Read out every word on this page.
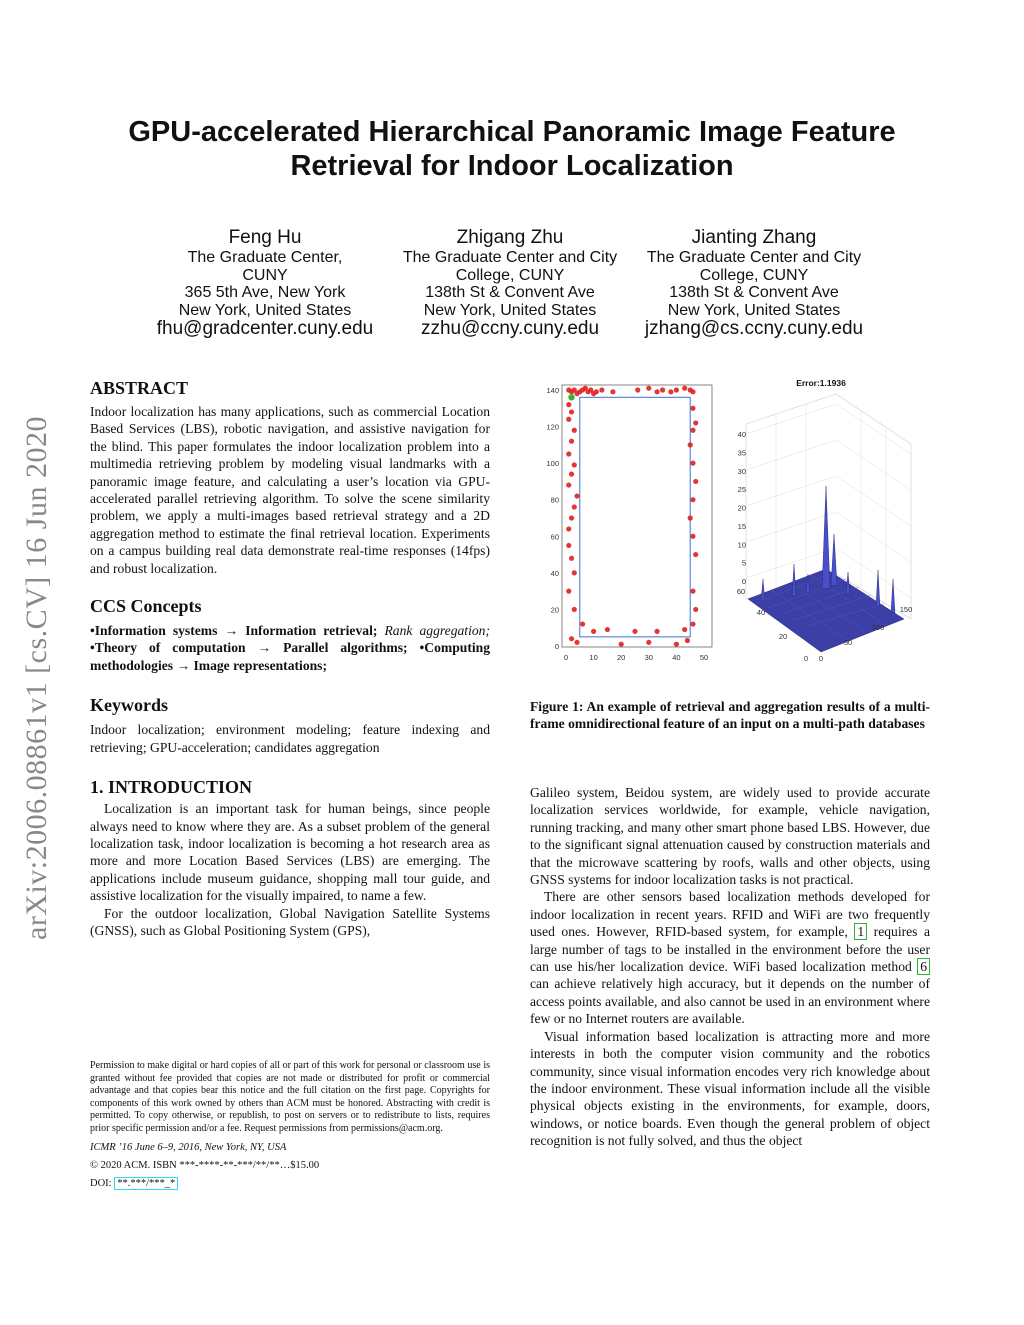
GPU-accelerated Hierarchical Panoramic Image Feature
Retrieval for Indoor Localization
Feng Hu
The Graduate Center,
CUNY
365 5th Ave, New York
New York, United States
fhu@gradcenter.cuny.edu
Zhigang Zhu
The Graduate Center and City
College, CUNY
138th St & Convent Ave
New York, United States
zzhu@ccny.cuny.edu
Jianting Zhang
The Graduate Center and City
College, CUNY
138th St & Convent Ave
New York, United States
jzhang@cs.ccny.cuny.edu
arXiv:2006.08861v1 [cs.CV] 16 Jun 2020
ABSTRACT

Indoor localization has many applications, such as commercial Location Based Services (LBS), robotic navigation, and assistive navigation for the blind. This paper formulates the indoor localization problem into a multimedia retrieving problem by modeling visual landmarks with a panoramic image feature, and calculating a user’s location via GPU-accelerated parallel retrieving algorithm. To solve the scene similarity problem, we apply a multi-images based retrieval strategy and a 2D aggregation method to estimate the final retrieval location. Experiments on a campus building real data demonstrate real-time responses (14fps) and robust localization.

CCS Concepts

•Information systems → Information retrieval; Rank aggregation; •Theory of computation → Parallel algorithms; •Computing methodologies → Image representations;

Keywords

Indoor localization; environment modeling; feature indexing and retrieving; GPU-acceleration; candidates aggregation

1. INTRODUCTION

Localization is an important task for human beings, since people always need to know where they are. As a subset problem of the general localization task, indoor localization is becoming a hot research area as more and more Location Based Services (LBS) are emerging. The applications include museum guidance, shopping mall tour guide, and assistive localization for the visually impaired, to name a few.

For the outdoor localization, Global Navigation Satellite Systems (GNSS), such as Global Positioning System (GPS),

Permission to make digital or hard copies of all or part of this work for personal or classroom use is granted without fee provided that copies are not made or distributed for profit or commercial advantage and that copies bear this notice and the full citation on the first page. Copyrights for components of this work owned by others than ACM must be honored. Abstracting with credit is permitted. To copy otherwise, or republish, to post on servers or to redistribute to lists, requires prior specific permission and/or a fee. Request permissions from permissions@acm.org.

ICMR ’16 June 6–9, 2016, New York, NY, USA
© 2020 ACM. ISBN ***-****-**-***/**/**…$15.00
DOI: **.***/***_*
0	10	20	30	40	50
0
20
40
60
80
100
120
140
Error:1.1936
0
5
10
15
20
25
30
35
40
0
20
40
60
0
50
100
150
Figure 1: An example of retrieval and aggregation results of a multi-frame omnidirectional feature of an input on a multi-path databases

Galileo system, Beidou system, are widely used to provide accurate localization services worldwide, for example, vehicle navigation, running tracking, and many other smart phone based LBS. However, due to the significant signal attenuation caused by construction materials and that the microwave scattering by roofs, walls and other objects, using GNSS systems for indoor localization tasks is not practical.

There are other sensors based localization methods developed for indoor localization in recent years. RFID and WiFi are two frequently used ones. However, RFID-based system, for example, 1 requires a large number of tags to be installed in the environment before the user can use his/her localization device. WiFi based localization method 6 can achieve relatively high accuracy, but it depends on the number of access points available, and also cannot be used in an environment where few or no Internet routers are available.

Visual information based localization is attracting more and more interests in both the computer vision community and the robotics community, since visual information encodes very rich knowledge about the indoor environment. These visual information include all the visible physical objects existing in the environments, for example, doors, windows, or notice boards. Even though the general problem of object recognition is not fully solved, and thus the object
